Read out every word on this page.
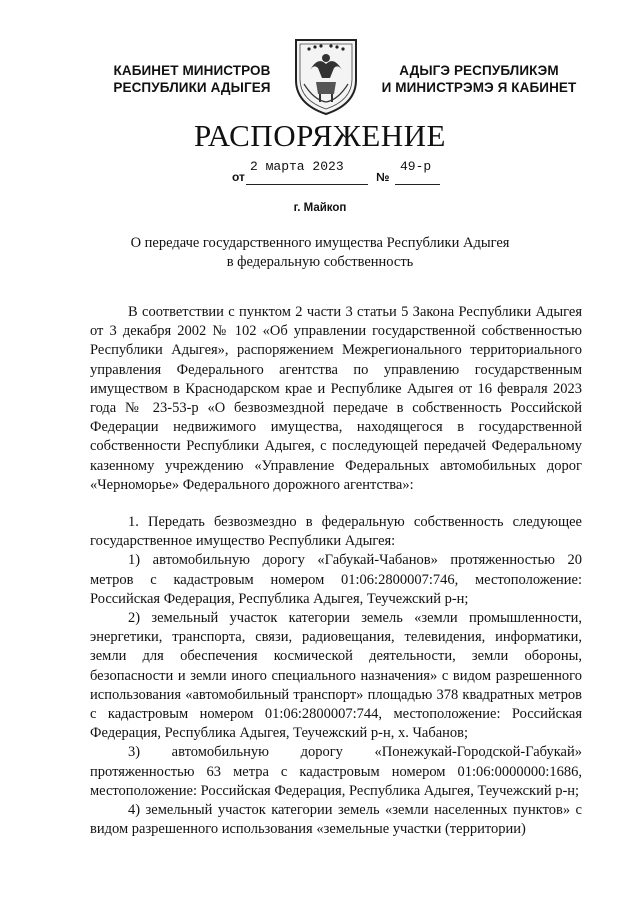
КАБИНЕТ МИНИСТРОВ
РЕСПУБЛИКИ АДЫГЕЯ
АДЫГЭ РЕСПУБЛИКЭМ
И МИНИСТРЭМЭ Я КАБИНЕТ
РАСПОРЯЖЕНИЕ
от
2 марта 2023
№
49-р
г. Майкоп
О передаче государственного имущества Республики Адыгея
в федеральную собственность

В соответствии с пунктом 2 части 3 статьи 5 Закона Республики Адыгея от 3 декабря 2002 № 102 «Об управлении государственной собственностью Республики Адыгея», распоряжением Межрегионального территориального управления Федерального агентства по управлению государственным имуществом в Краснодарском крае и Республике Адыгея от 16 февраля 2023 года № 23-53-р «О безвозмездной передаче в собственность Российской Федерации недвижимого имущества, находящегося в государственной собственности Республики Адыгея, с последующей передачей Федеральному казенному учреждению «Управление Федеральных автомобильных дорог «Черноморье» Федерального дорожного агентства»:

1. Передать безвозмездно в федеральную собственность следующее государственное имущество Республики Адыгея:

1) автомобильную дорогу «Габукай-Чабанов» протяженностью 20 метров с кадастровым номером 01:06:2800007:746, местоположение: Российская Федерация, Республика Адыгея, Теучежский р-н;

2) земельный участок категории земель «земли промышленности, энергетики, транспорта, связи, радиовещания, телевидения, информатики, земли для обеспечения космической деятельности, земли обороны, безопасности и земли иного специального назначения» с видом разрешенного использования «автомобильный транспорт» площадью 378 квадратных метров с кадастровым номером 01:06:2800007:744, местоположение: Российская Федерация, Республика Адыгея, Теучежский р-н, х. Чабанов;

3) автомобильную дорогу «Понежукай-Городской-Габукай» протяженностью 63 метра с кадастровым номером 01:06:0000000:1686, местоположение: Российская Федерация, Республика Адыгея, Теучежский р-н;

4) земельный участок категории земель «земли населенных пунктов» с видом разрешенного использования «земельные участки (территории)
